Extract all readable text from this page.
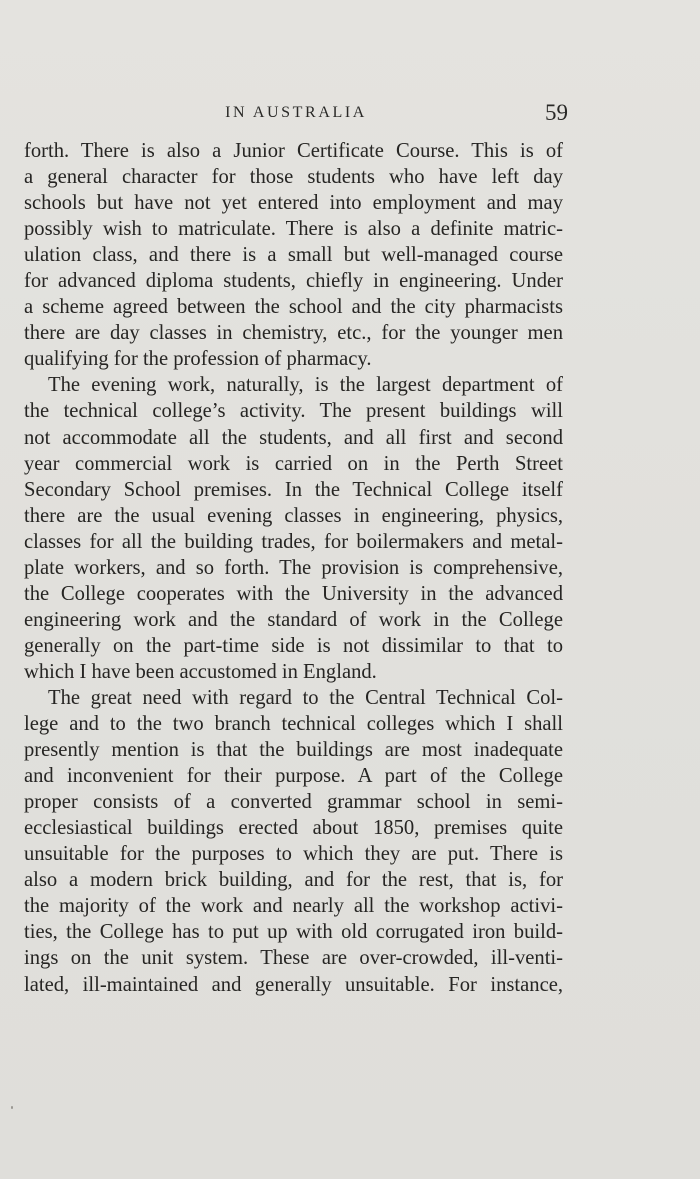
IN AUSTRALIA	59
forth. There is also a Junior Certificate Course. This is of
a general character for those students who have left day
schools but have not yet entered into employment and may
possibly wish to matriculate. There is also a definite matric-
ulation class, and there is a small but well-managed course
for advanced diploma students, chiefly in engineering. Under
a scheme agreed between the school and the city pharmacists
there are day classes in chemistry, etc., for the younger men
qualifying for the profession of pharmacy.
The evening work, naturally, is the largest department of
the technical college’s activity. The present buildings will
not accommodate all the students, and all first and second
year commercial work is carried on in the Perth Street
Secondary School premises. In the Technical College itself
there are the usual evening classes in engineering, physics,
classes for all the building trades, for boilermakers and metal-
plate workers, and so forth. The provision is comprehensive,
the College cooperates with the University in the advanced
engineering work and the standard of work in the College
generally on the part-time side is not dissimilar to that to
which I have been accustomed in England.
The great need with regard to the Central Technical Col-
lege and to the two branch technical colleges which I shall
presently mention is that the buildings are most inadequate
and inconvenient for their purpose. A part of the College
proper consists of a converted grammar school in semi-
ecclesiastical buildings erected about 1850, premises quite
unsuitable for the purposes to which they are put. There is
also a modern brick building, and for the rest, that is, for
the majority of the work and nearly all the workshop activi-
ties, the College has to put up with old corrugated iron build-
ings on the unit system. These are over-crowded, ill-venti-
lated, ill-maintained and generally unsuitable. For instance,
